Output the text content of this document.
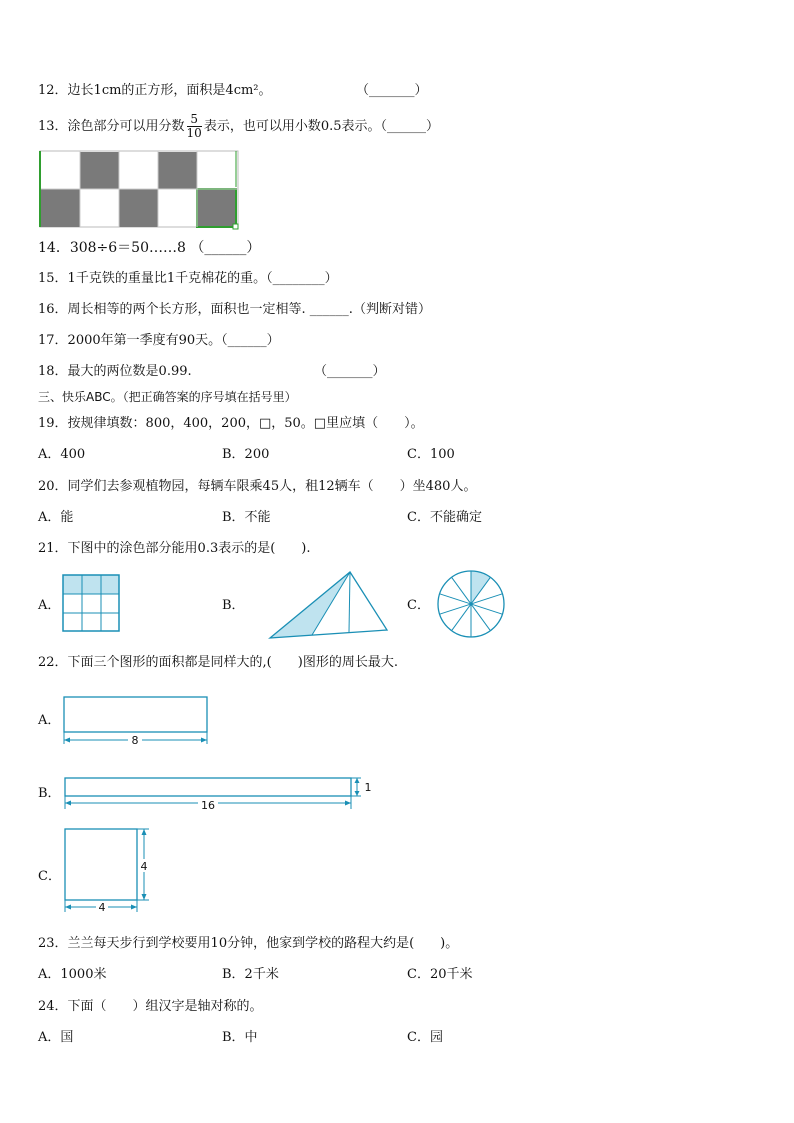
12．边长1cm的正方形，面积是4cm²。	（_______）
13．涂色部分可以用分数 $\frac{5}{10}$ 表示，也可以用小数0.5表示。（______）
14．308÷6＝50……8 （______）
15．1千克铁的重量比1千克棉花的重。（________）
16．周长相等的两个长方形，面积也一定相等. ______.（判断对错）
17．2000年第一季度有90天。（______）
18．最大的两位数是0.99.	（_______）
三、快乐ABC。（把正确答案的序号填在括号里）
19．按规律填数：800，400，200，□，50。□里应填（　　）。
A．400	B．200	C．100
20．同学们去参观植物园，每辆车限乘45人，租12辆车（　　）坐480人。
A．能	B．不能	C．不能确定
21．下图中的涂色部分能用0.3表示的是(　　).
A．	B．	C．
22．下面三个图形的面积都是同样大的,(　　)图形的周长最大.
A．
8
B．
16
1
C．
4
4
23．兰兰每天步行到学校要用10分钟，他家到学校的路程大约是(　　)。
A．1000米	B．2千米	C．20千米
24．下面（　　）组汉字是轴对称的。
A．国	B．中	C．园
